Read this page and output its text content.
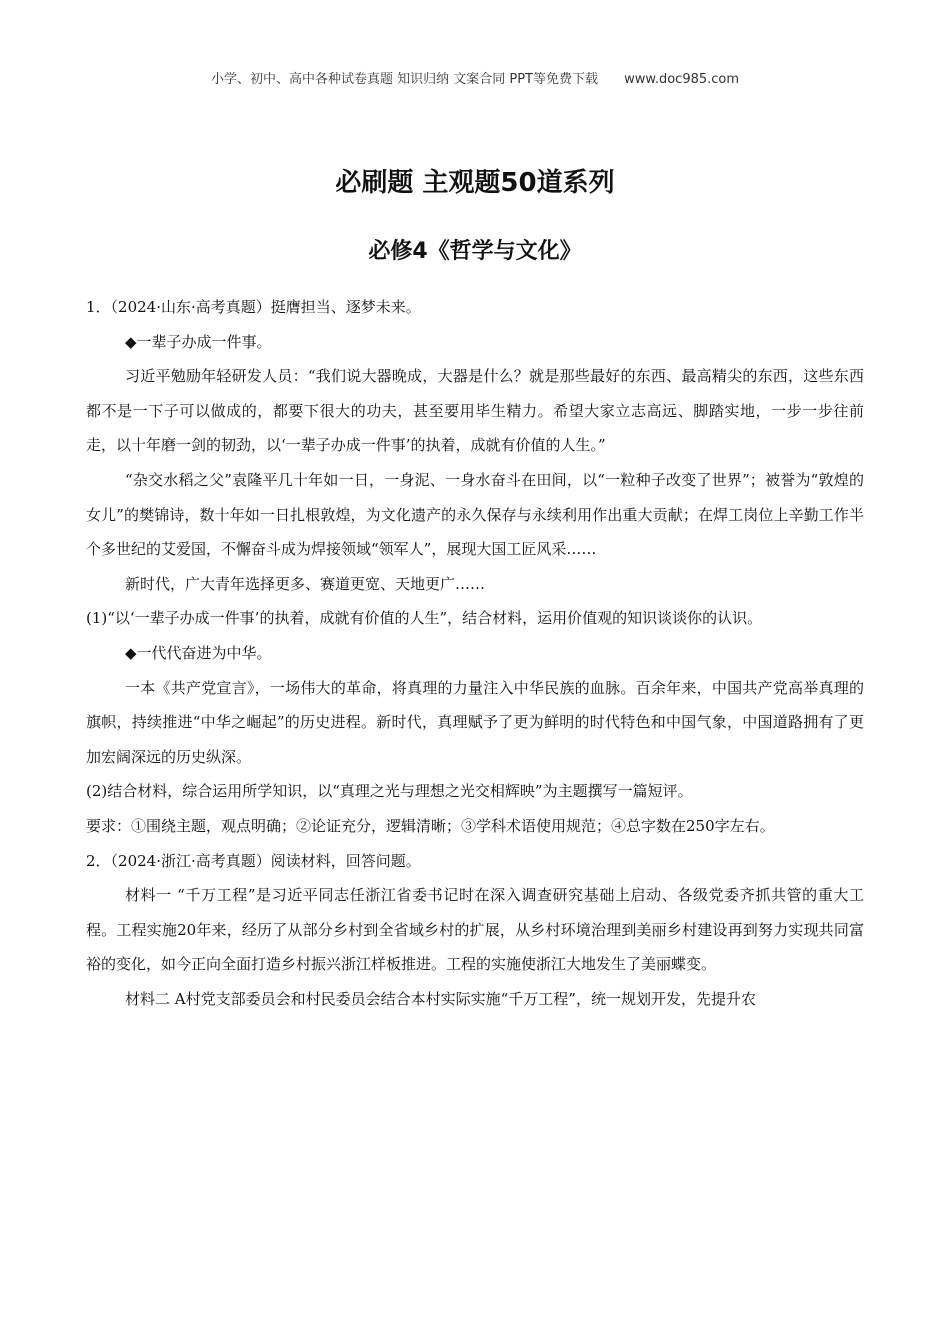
小学、初中、高中各种试卷真题 知识归纳 文案合同 PPT等免费下载 www.doc985.com
必刷题 主观题50道系列
必修4《哲学与文化》

1．（2024·山东·高考真题）挺膺担当、逐梦未来。

◆一辈子办成一件事。

习近平勉励年轻研发人员：“我们说大器晚成，大器是什么？就是那些最好的东西、最高精尖的东西，这些东西都不是一下子可以做成的，都要下很大的功夫，甚至要用毕生精力。希望大家立志高远、脚踏实地，一步一步往前走，以十年磨一剑的韧劲，以‘一辈子办成一件事’的执着，成就有价值的人生。”

“杂交水稻之父”袁隆平几十年如一日，一身泥、一身水奋斗在田间，以“一粒种子改变了世界”；被誉为“敦煌的女儿”的樊锦诗，数十年如一日扎根敦煌，为文化遗产的永久保存与永续利用作出重大贡献；在焊工岗位上辛勤工作半个多世纪的艾爱国，不懈奋斗成为焊接领域“领军人”，展现大国工匠风采……

新时代，广大青年选择更多、赛道更宽、天地更广……

(1)“以‘一辈子办成一件事’的执着，成就有价值的人生”，结合材料，运用价值观的知识谈谈你的认识。

◆一代代奋进为中华。

一本《共产党宣言》，一场伟大的革命，将真理的力量注入中华民族的血脉。百余年来，中国共产党高举真理的旗帜，持续推进“中华之崛起”的历史进程。新时代，真理赋予了更为鲜明的时代特色和中国气象，中国道路拥有了更加宏阔深远的历史纵深。

(2)结合材料，综合运用所学知识，以“真理之光与理想之光交相辉映”为主题撰写一篇短评。

要求：①围绕主题，观点明确；②论证充分，逻辑清晰；③学科术语使用规范；④总字数在250字左右。

2．（2024·浙江·高考真题）阅读材料，回答问题。

材料一 “千万工程”是习近平同志任浙江省委书记时在深入调查研究基础上启动、各级党委齐抓共管的重大工程。工程实施20年来，经历了从部分乡村到全省域乡村的扩展，从乡村环境治理到美丽乡村建设再到努力实现共同富裕的变化，如今正向全面打造乡村振兴浙江样板推进。工程的实施使浙江大地发生了美丽蝶变。

材料二 A村党支部委员会和村民委员会结合本村实际实施“千万工程”，统一规划开发，先提升农
